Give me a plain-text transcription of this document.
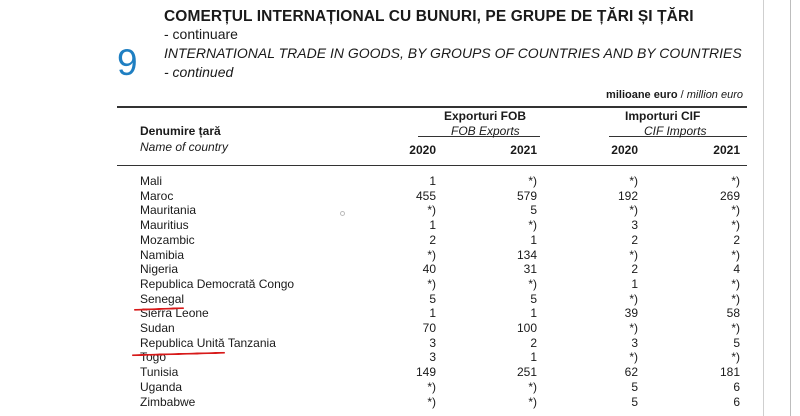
9
COMERȚUL INTERNAȚIONAL CU BUNURI, PE GRUPE DE ȚĂRI ȘI ȚĂRI
- continuare
INTERNATIONAL TRADE IN GOODS, BY GROUPS OF COUNTRIES AND BY COUNTRIES
- continued
milioane euro / million euro
Denumire țară
Name of country
Exporturi FOB
FOB Exports
Importuri CIF
CIF Imports
2020	2021	2020	2021
Mali	1	*)	*)	*)
Maroc	455	579	192	269
Mauritania	*)	5	*)	*)
Mauritius	1	*)	3	*)
Mozambic	2	1	2	2
Namibia	*)	134	*)	*)
Nigeria	40	31	2	4
Republica Democrată Congo	*)	*)	1	*)
Senegal	5	5	*)	*)
Sierra Leone	1	1	39	58
Sudan	70	100	*)	*)
Republica Unită Tanzania	3	2	3	5
Togo	3	1	*)	*)
Tunisia	149	251	62	181
Uganda	*)	*)	5	6
Zimbabwe	*)	*)	5	6
